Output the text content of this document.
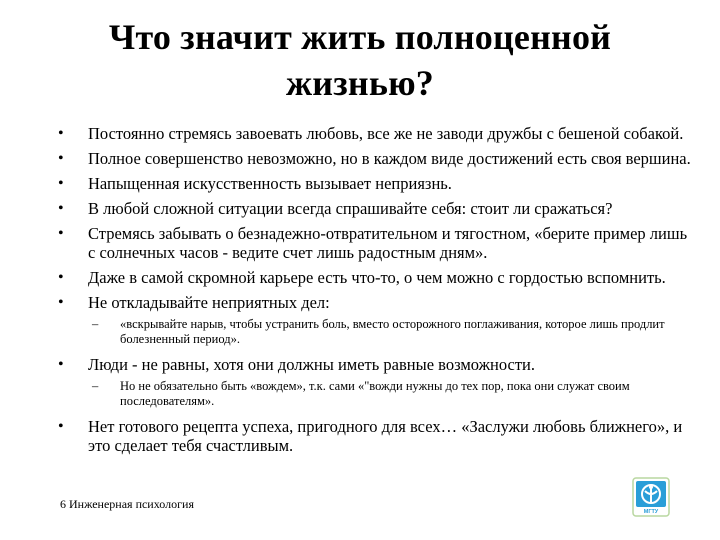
Что значит жить полноценной
жизнью?
• Постоянно стремясь завоевать любовь, все же не заводи дружбы с бешеной собакой.
• Полное совершенство невозможно, но в каждом виде достижений есть своя вершина.
• Напыщенная искусственность вызывает неприязнь.
• В любой сложной ситуации всегда спрашивайте себя: стоит ли сражаться?
• Стремясь забывать о безнадежно-отвратительном и тягостном, «берите пример лишь с солнечных часов - ведите счет лишь радостным дням».
• Даже в самой скромной карьере есть что-то, о чем можно с гордостью вспомнить.
• Не откладывайте неприятных дел:
– «вскрывайте нарыв, чтобы устранить боль, вместо осторожного поглаживания, которое лишь продлит болезненный период».
• Люди - не равны, хотя они должны иметь равные возможности.
– Но не обязательно быть «вождем», т.к. сами «"вожди нужны до тех пор, пока они служат своим последователям».
• Нет готового рецепта успеха, пригодного для всех… «Заслужи любовь ближнего», и это сделает тебя счастливым.
6 Инженерная психология
МГТУ
